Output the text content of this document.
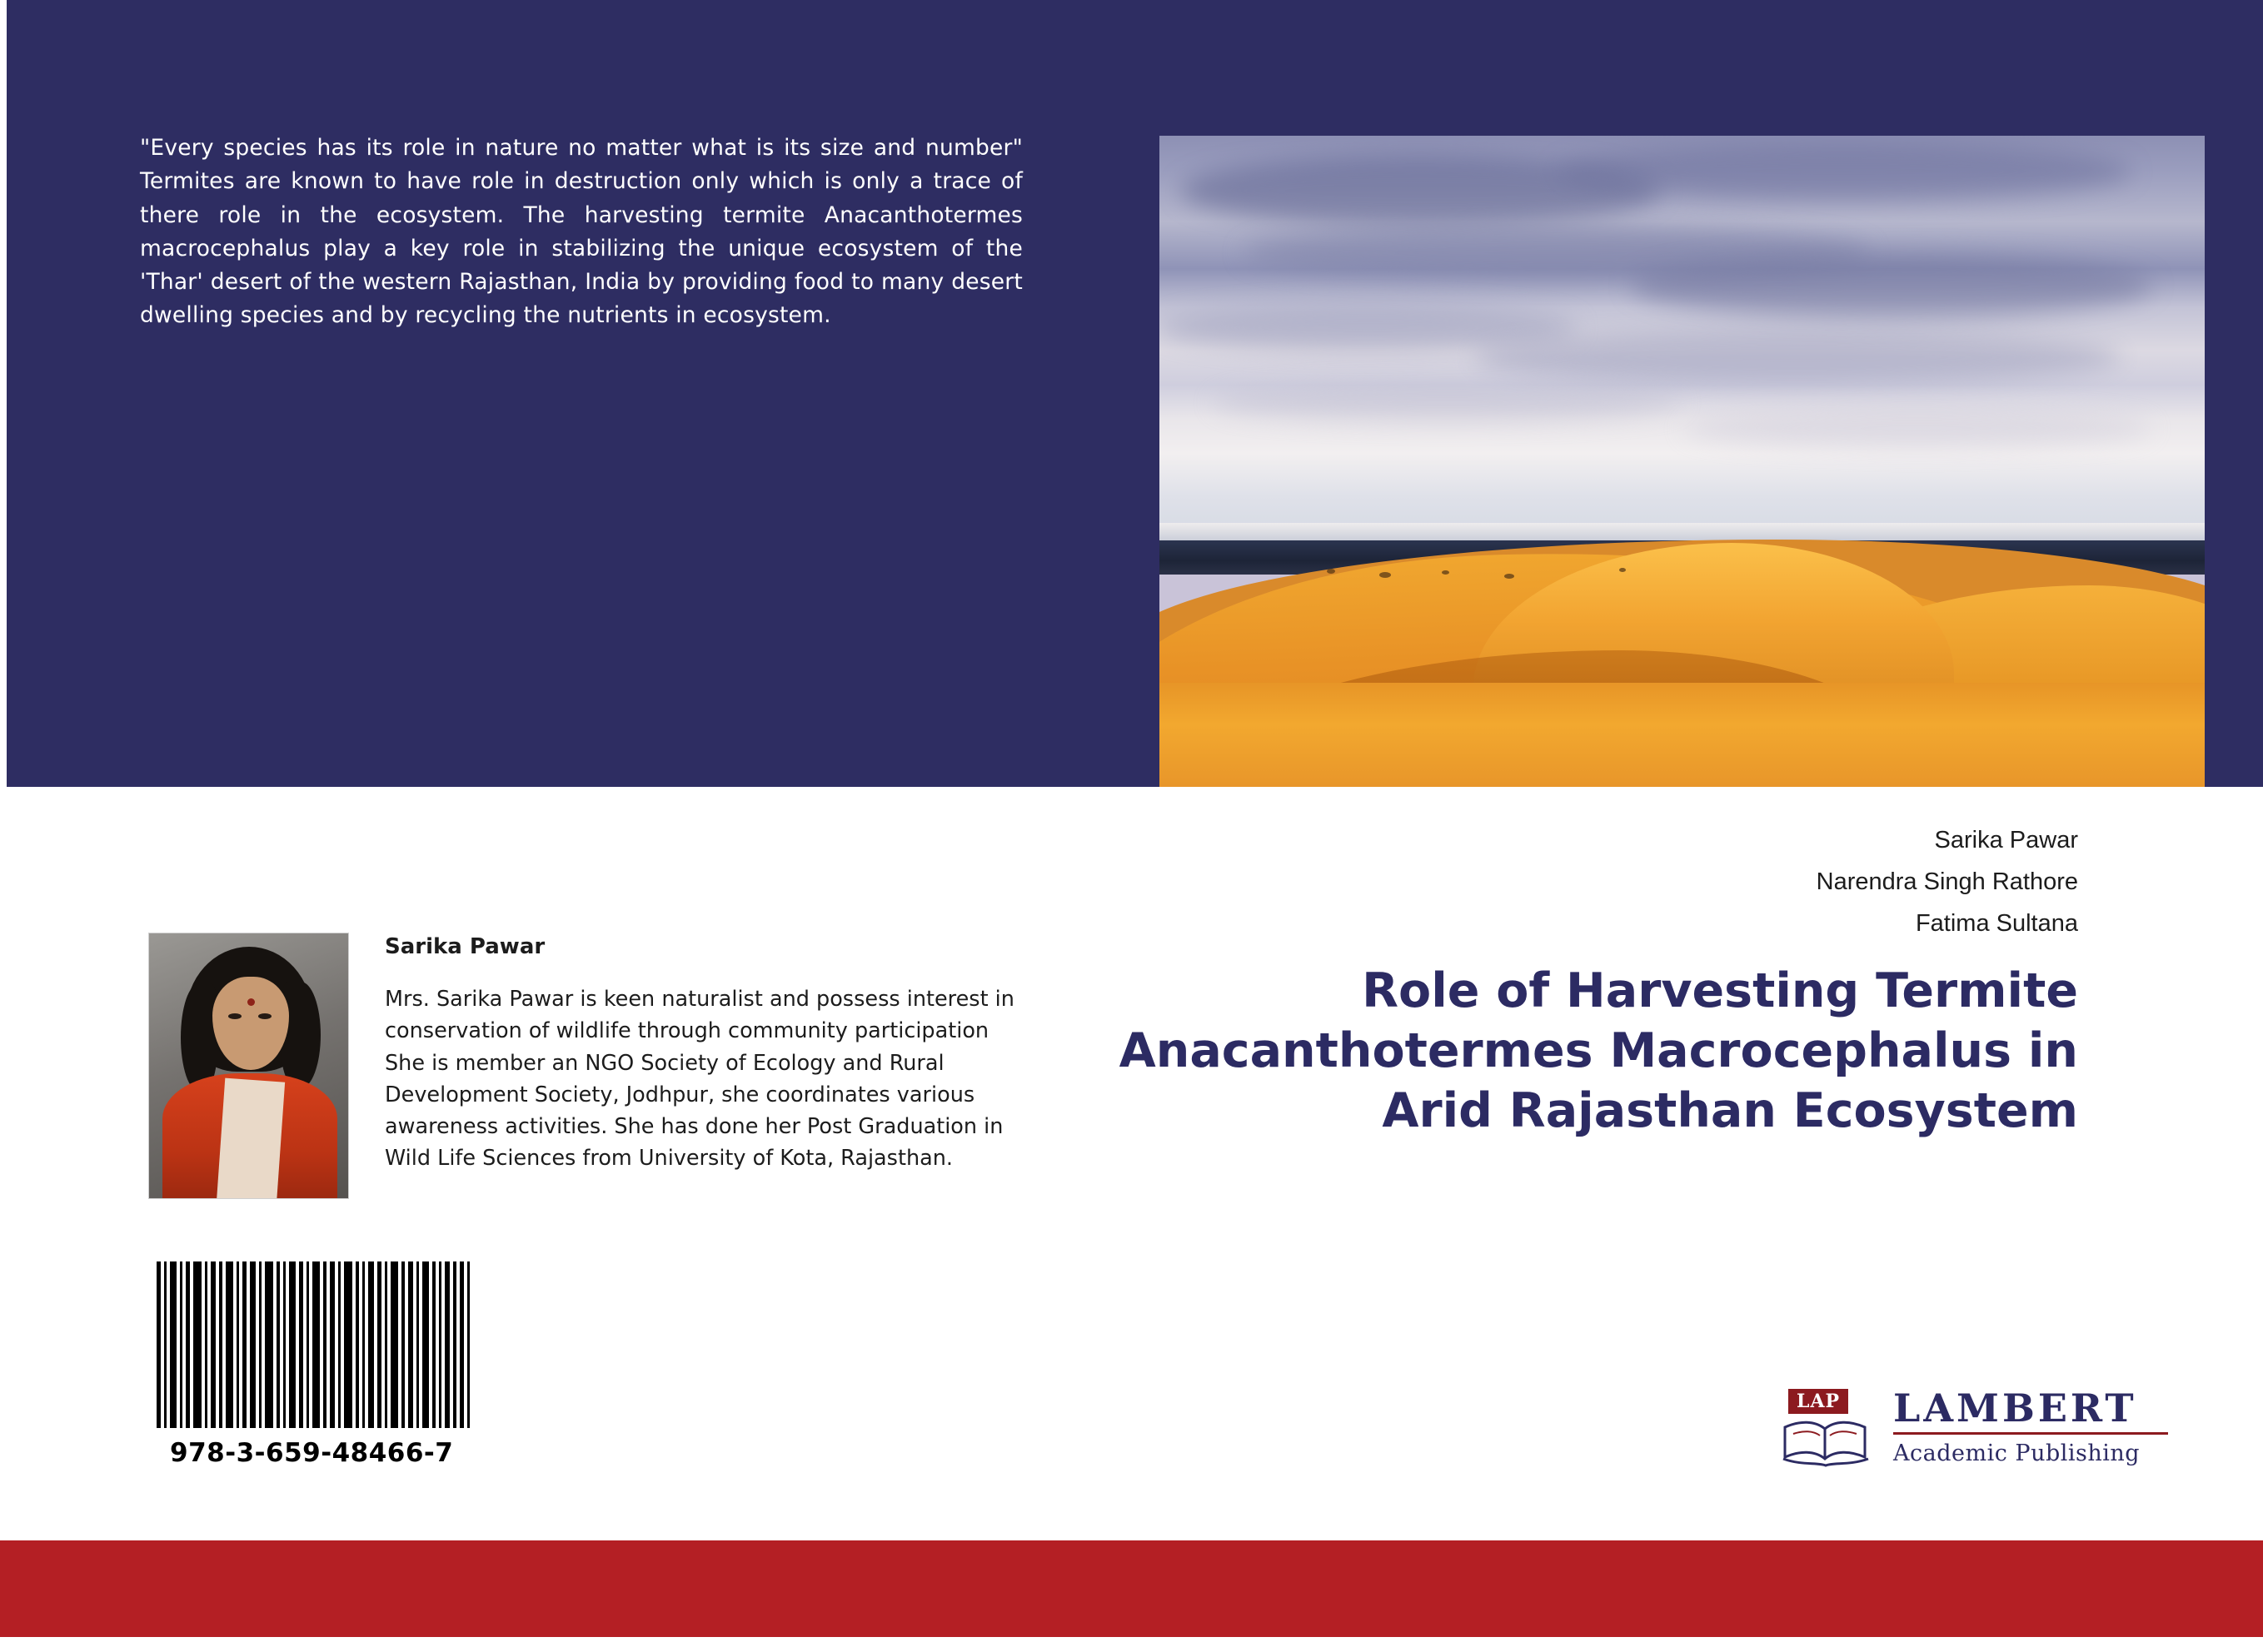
"Every species has its role in nature no matter what is its size and number" Termites are known to have role in destruction only which is only a trace of there role in the ecosystem. The harvesting termite Anacanthotermes macrocephalus play a key role in stabilizing the unique ecosystem of the 'Thar' desert of the western Rajasthan, India by providing food to many desert dwelling species and by recycling the nutrients in ecosystem.
Sarika Pawar
Narendra Singh Rathore
Fatima Sultana
Role of Harvesting Termite Anacanthotermes Macrocephalus in Arid Rajasthan Ecosystem
Sarika Pawar
Mrs. Sarika Pawar is keen naturalist and possess interest in conservation of wildlife through community participation She is member an NGO Society of Ecology and Rural Development Society, Jodhpur, she coordinates various awareness activities. She has done her Post Graduation in Wild Life Sciences from University of Kota, Rajasthan.
978-3-659-48466-7
LAP LAMBERT
Academic Publishing
